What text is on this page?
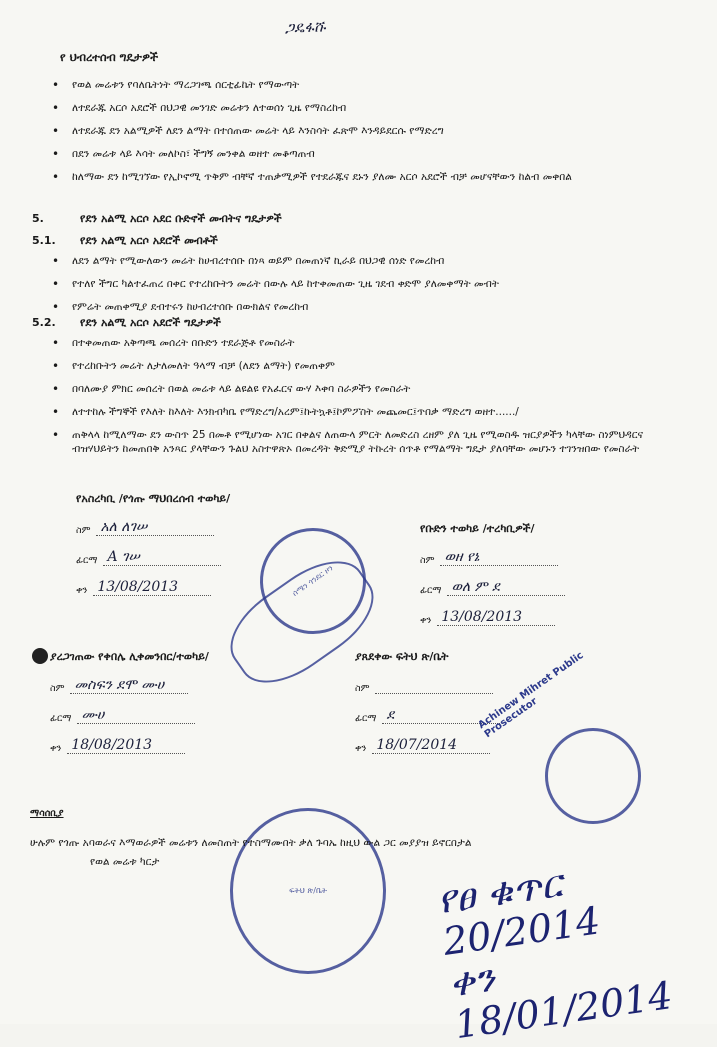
ጋዴፋሹ
የ ህብረተሰብ ግዴታዎች
• የወል መሬቱን የባለቤትነት ማረጋገጫ ሰርቲፊኬት የማውጣት
• ለተደራጁ አርሶ አደሮች በህጋዊ መንገድ መሬቱን ለተወሰነ ጊዜ የማስረከብ
• ለተደራጁ ደን አልሚዎች ለደን ልማት በተሰጠው መሬት ላይ እንስሳት ፈጽሞ እንዳይደርሱ የማድረግ
• በደን መሬቱ ላይ እሳት መለኮስ፣ ችግኝ መንቀል ወዘተ መቆጣጠብ
• ከለማው ደን ከሚገኘው የኢኮኖሚ ጥቅም ብቸኛ ተጠቃሚዎች የተደራጁና ደኑን ያለሙ አርሶ አደሮች ብቻ መሆናቸውን ከልብ መቀበል
5.	የደን አልሚ አርሶ አደር ቡድኖች መብትና ግዴታዎች
5.1. የደን አልሚ አርሶ አደሮች መብቶች
• ለደን ልማት የሚውለውን መሬት ከሀብረተሰቡ በነጻ ወይም በመጠነኛ ኪራይ በህጋዊ ሰነድ የመረከብ
• የተለየ ችግር ካልተፈጠረ በቀር የተረከቡትን መሬት በውሉ ላይ ከተቀመጠው ጊዜ ገደብ ቀድሞ ያለመቀማት መብት
• የምሬት መጠቀሚያ ደብተሩን ከሀብረተሰቡ በውክልና የመረከብ
5.2. የደን አልሚ አርሶ አደሮች ግዴታዎች
• በተቀመጠው አቅጣጫ መሰረት በቡድን ተደራጅቶ የመስራት
• የተረከቡትን መሬት ለታለመለት ዓላማ ብቻ (ለደን ልማት) የመጠቀም
• በባለሙያ ምክር መሰረት በወል መሬቱ ላይ ልዩልዩ የአፈርና ውሃ እቀባ ስራዎችን የመስራት
• ለተተከሉ ችግኞች የእለት ከእለት እንክብካቤ የማድረግ/አረም፤ኩትኳቶ፤ኮምፖስት መጨመር፤ጥበቃ ማድረግ ወዘተ....../
• ጠቅላላ ከሚለማው ደን ውስጥ 25 በመቶ የሚሆነው አገር በቀልና ለጠውላ ምርት ለመድረስ ረዘም ያለ ጊዜ የሚወስዱ ዝርያዎችን ካላቸው ስነምህዳርና ብዝሃህይትን ከመጠበቅ አንጻር ያላቸውን ጉልህ አስተዋጽኦ በመረዳት ቅድሚያ ትኩረት ሰጥቶ የማልማት ግዴታ ያለባቸው መሆኑን ተገንዝበው የመስራት
የአስረካቢ /የጎጡ ማህበረሰብ ተወካይ/
ስም አለ ለገሠ
ፊርማ A ገሠ
ቀን 13/08/2013
የቡድን ተወካይ /ተረካቢዎች/
ስም ወዘ የኔ
ፊርማ ወለ ም ደ
ቀን 13/08/2013
ያረጋገጠው የቀበሌ ሊቀመንበር/ተወካይ/
ስም መስፍን ደሞ ሙሀ
ፊርማ ሙሀ
ቀን 18/08/2013
ያጸደቀው ፍትህ ጽ/ቤት
ስም
ፊርማ ደ
ቀን 18/07/2014
ሰሜን ጎንደር ዞን
Achinew Mihret Public Prosecutor
ፍትህ ጽ/ቤት
ማሳሰቢያ
ሁሉም የጎጡ አባወራና እማወራዎች መሬቱን ለመስጠት የተስማሙበት ቃለ ጉባኤ ከዚህ ውል ጋር መያያዝ ይኖርበታል
የወል መሬቱ ካርታ	የፀ ቁጥር 20/2014
ቀን 18/01/2014
